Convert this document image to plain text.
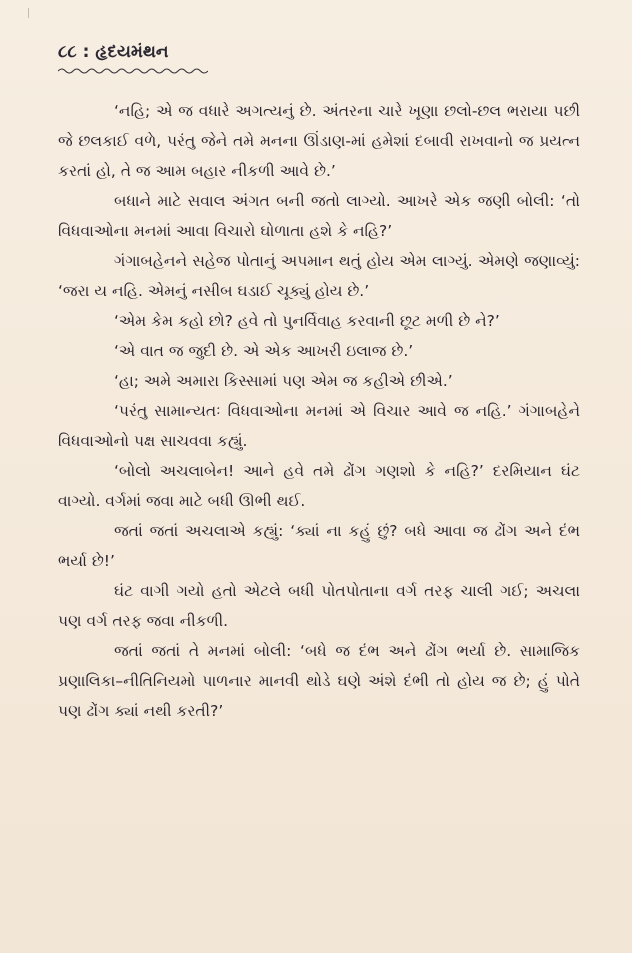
૮૮ : હૃદયમંથન

‘નહિ; એ જ વધારે અગત્યનું છે. અંતરના ચારે ખૂણા છલો-છલ ભરાયા પછી જે છલકાઈ વળે, પરંતુ જેને તમે મનના ઊંડાણ-માં હમેશાં દબાવી રાખવાનો જ પ્રયત્ન કરતાં હો, તે જ આમ બહાર નીકળી આવે છે.’

બધાને માટે સવાલ અંગત બની જતો લાગ્યો. આખરે એક જણી બોલી: ‘તો વિધવાઓના મનમાં આવા વિચારો ઘોળાતા હશે કે નહિ?’

ગંગાબહેનને સહેજ પોતાનું અપમાન થતું હોય એમ લાગ્યું. એમણે જણાવ્યું: ‘જરા ય નહિ. એમનું નસીબ ઘડાઈ ચૂક્યું હોય છે.’

‘એમ કેમ કહો છો? હવે તો પુનર્વિવાહ કરવાની છૂટ મળી છે ને?’

‘એ વાત જ જુદી છે. એ એક આખરી ઇલાજ છે.’

‘હા; અમે અમારા કિસ્સામાં પણ એમ જ કહીએ છીએ.’

‘પરંતુ સામાન્યતઃ વિધવાઓના મનમાં એ વિચાર આવે જ નહિ.’ ગંગાબહેને વિધવાઓનો પક્ષ સાચવવા કહ્યું.

‘બોલો અચલાબેન! આને હવે તમે ઢોંગ ગણશો કે નહિ?’ દરમિયાન ઘંટ વાગ્યો. વર્ગમાં જવા માટે બધી ઊભી થઈ.

જતાં જતાં અચલાએ કહ્યું: ‘ક્યાં ના કહું છું? બધે આવા જ ઢોંગ અને દંભ ભર્યા છે!’

ઘંટ વાગી ગયો હતો એટલે બધી પોતપોતાના વર્ગ તરફ ચાલી ગઈ; અચલા પણ વર્ગ તરફ જવા નીકળી.

જતાં જતાં તે મનમાં બોલી: ‘બધે જ દંભ અને ઢોંગ ભર્યા છે. સામાજિક પ્રણાલિકા–નીતિનિયમો પાળનાર માનવી થોડે ઘણે અંશે દંભી તો હોય જ છે; હું પોતે પણ ઢોંગ ક્યાં નથી કરતી?’
